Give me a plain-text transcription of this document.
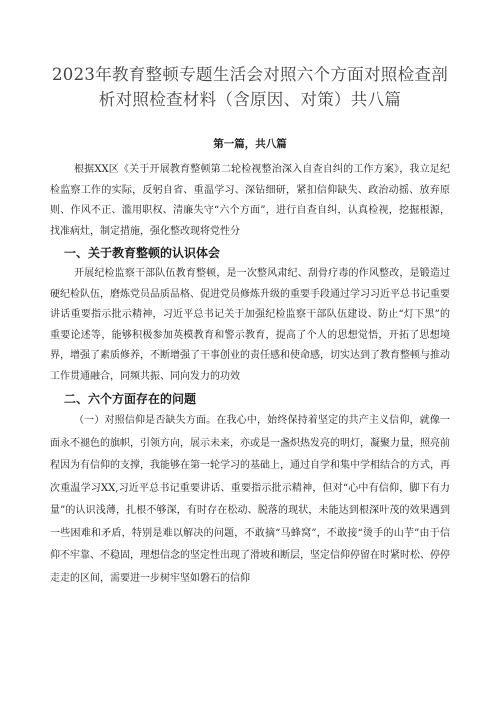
2023年教育整顿专题生活会对照六个方面对照检查剖析对照检查材料（含原因、对策）共八篇
第一篇，共八篇

根据XX区《关于开展教育整顿第二轮检视整治深入自查自纠的工作方案》，我立足纪检监察工作的实际，反躬自省、重温学习、深钻细研，紧扣信仰缺失、政治动摇、放弃原则、作风不正、滥用职权、清廉失守“六个方面”，进行自查自纠，认真检视，挖掘根源，找准病灶，制定措施，强化整改现将党性分

一、关于教育整顿的认识体会

开展纪检监察干部队伍教育整顿，是一次整风肃纪、刮骨疗毒的作风整改，是锻造过硬纪检队伍，磨炼党员品质品格、促进党员修炼升级的重要手段通过学习习近平总书记重要讲话重要指示批示精神，习近平总书记关于加强纪检监察干部队伍建设、防止“灯下黑”的重要论述等，能够积极参加英模教育和警示教育，提高了个人的思想觉悟，开拓了思想境界，增强了素质修养，不断增强了干事创业的责任感和使命感，切实达到了教育整顿与推动工作贯通融合，同频共振、同向发力的功效

二、六个方面存在的问题

（一）对照信仰是否缺失方面。在我心中，始终保持着坚定的共产主义信仰，就像一面永不褪色的旗帜，引领方向，展示未来，亦或是一盏炽热发亮的明灯，凝聚力量，照亮前程因为有信仰的支撑，我能够在第一轮学习的基础上，通过自学和集中学相结合的方式，再次重温学习XX,习近平总书记重要讲话、重要指示批示精神，但对“心中有信仰，脚下有力量”的认识浅薄，扎根不够深，有时存在松动、脱落的现状，未能达到根深叶茂的效果遇到一些困难和矛盾，特别是难以解决的问题，不敢摘“马蜂窝”，不敢接“烫手的山芋”由于信仰不牢靠、不稳固，理想信念的坚定性出现了滑坡和断层，坚定信仰停留在时紧时松、停停走走的区间，需要进一步树牢坚如磐石的信仰
